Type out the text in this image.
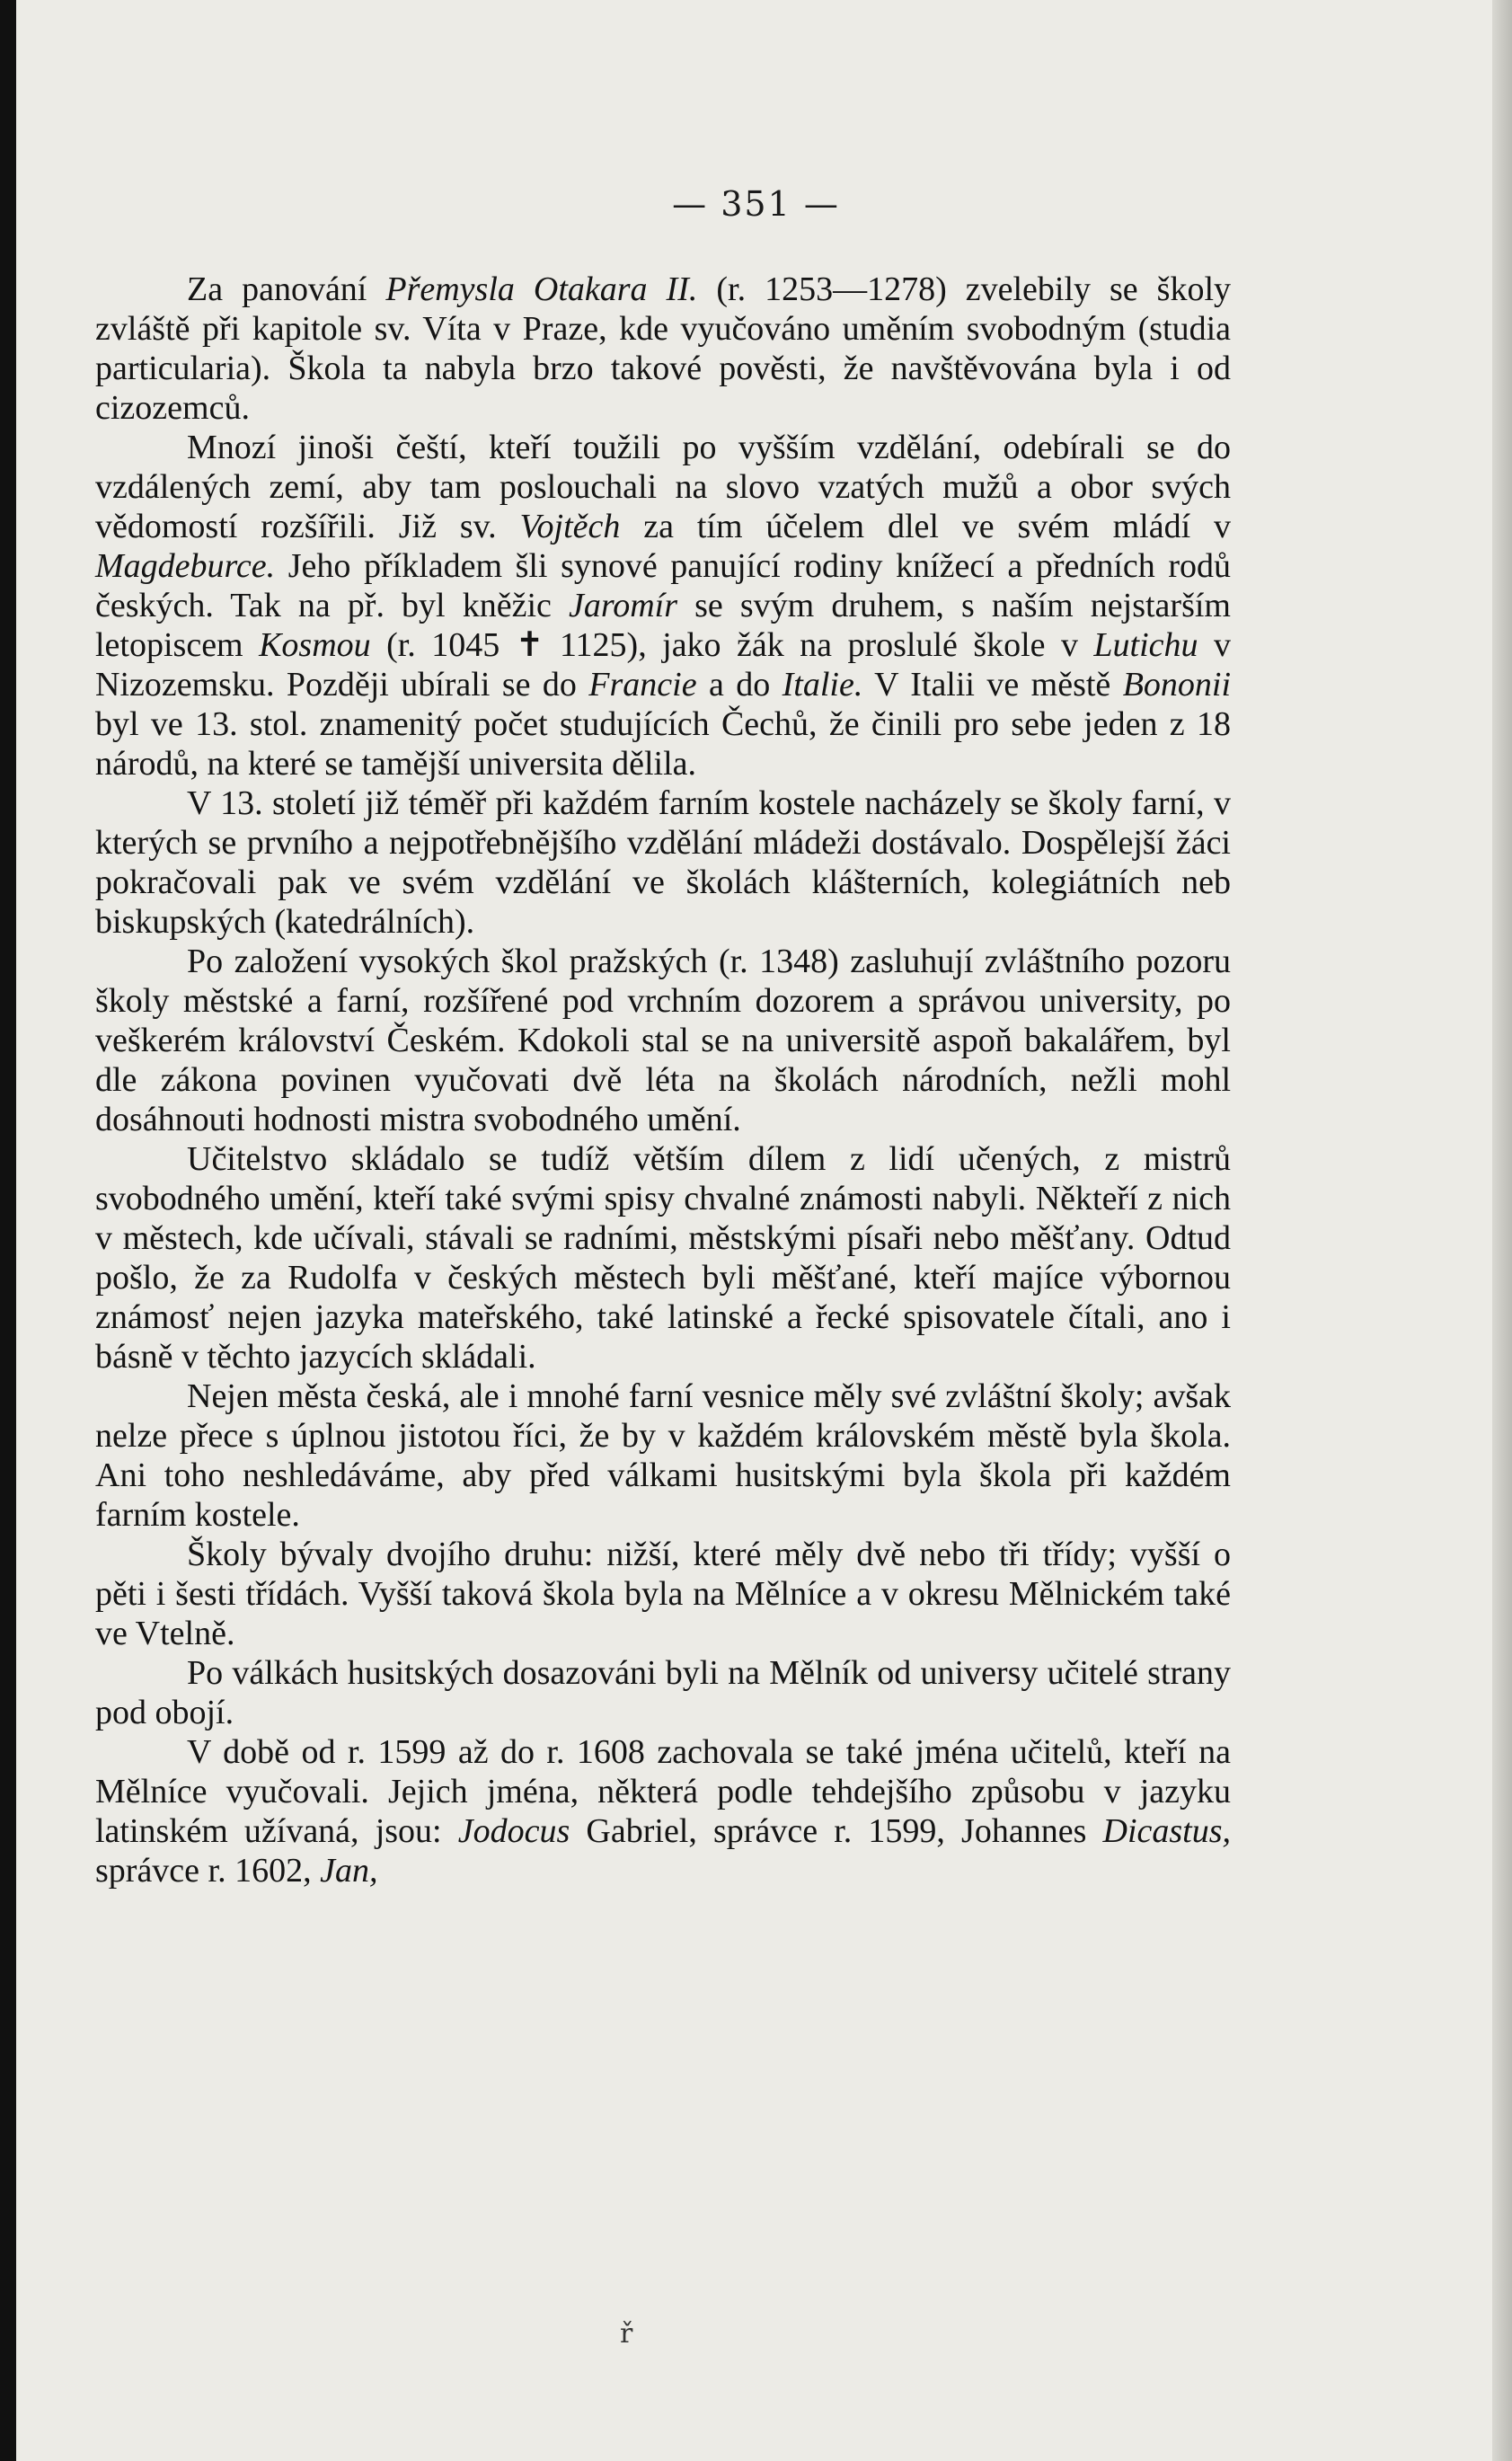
— 351 —

Za panování Přemysla Otakara II. (r. 1253—1278) zvelebily se školy zvláště při kapitole sv. Víta v Praze, kde vyučováno uměním svobodným (studia particularia). Škola ta nabyla brzo takové pověsti, že navštěvována byla i od cizozemců.

Mnozí jinoši čeští, kteří toužili po vyšším vzdělání, odebírali se do vzdálených zemí, aby tam poslouchali na slovo vzatých mužů a obor svých vědomostí rozšířili. Již sv. Vojtěch za tím účelem dlel ve svém mládí v Magdeburce. Jeho příkladem šli synové panující rodiny knížecí a předních rodů českých. Tak na př. byl kněžic Jaromír se svým druhem, s naším nejstarším letopiscem Kosmou (r. 1045 ✝ 1125), jako žák na proslulé škole v Lutichu v Nizozemsku. Později ubírali se do Francie a do Italie. V Italii ve městě Bononii byl ve 13. stol. znamenitý počet studujících Čechů, že činili pro sebe jeden z 18 národů, na které se tamější universita dělila.

V 13. století již téměř při každém farním kostele nacházely se školy farní, v kterých se prvního a nejpotřebnějšího vzdělání mládeži dostávalo. Dospělejší žáci pokračovali pak ve svém vzdělání ve školách klášterních, kolegiátních neb biskupských (katedrálních).

Po založení vysokých škol pražských (r. 1348) zasluhují zvláštního pozoru školy městské a farní, rozšířené pod vrchním dozorem a správou university, po veškerém království Českém. Kdokoli stal se na universitě aspoň bakalářem, byl dle zákona povinen vyučovati dvě léta na školách národních, nežli mohl dosáhnouti hodnosti mistra svobodného umění.

Učitelstvo skládalo se tudíž větším dílem z lidí učených, z mistrů svobodného umění, kteří také svými spisy chvalné známosti nabyli. Někteří z nich v městech, kde učívali, stávali se radními, městskými písaři nebo měšťany. Odtud pošlo, že za Rudolfa v českých městech byli měšťané, kteří majíce výbornou známosť nejen jazyka mateřského, také latinské a řecké spisovatele čítali, ano i básně v těchto jazycích skládali.

Nejen města česká, ale i mnohé farní vesnice měly své zvláštní školy; avšak nelze přece s úplnou jistotou říci, že by v každém královském městě byla škola. Ani toho neshledáváme, aby před válkami husitskými byla škola při každém farním kostele.

Školy bývaly dvojího druhu: nižší, které měly dvě nebo tři třídy; vyšší o pěti i šesti třídách. Vyšší taková škola byla na Mělníce a v okresu Mělnickém také ve Vtelně.

Po válkách husitských dosazováni byli na Mělník od universy učitelé strany pod obojí.

V době od r. 1599 až do r. 1608 zachovala se také jména učitelů, kteří na Mělníce vyučovali. Jejich jména, některá podle tehdejšího způsobu v jazyku latinském užívaná, jsou: Jodocus Gabriel, správce r. 1599, Johannes Dicastus, správce r. 1602, Jan,

ř
